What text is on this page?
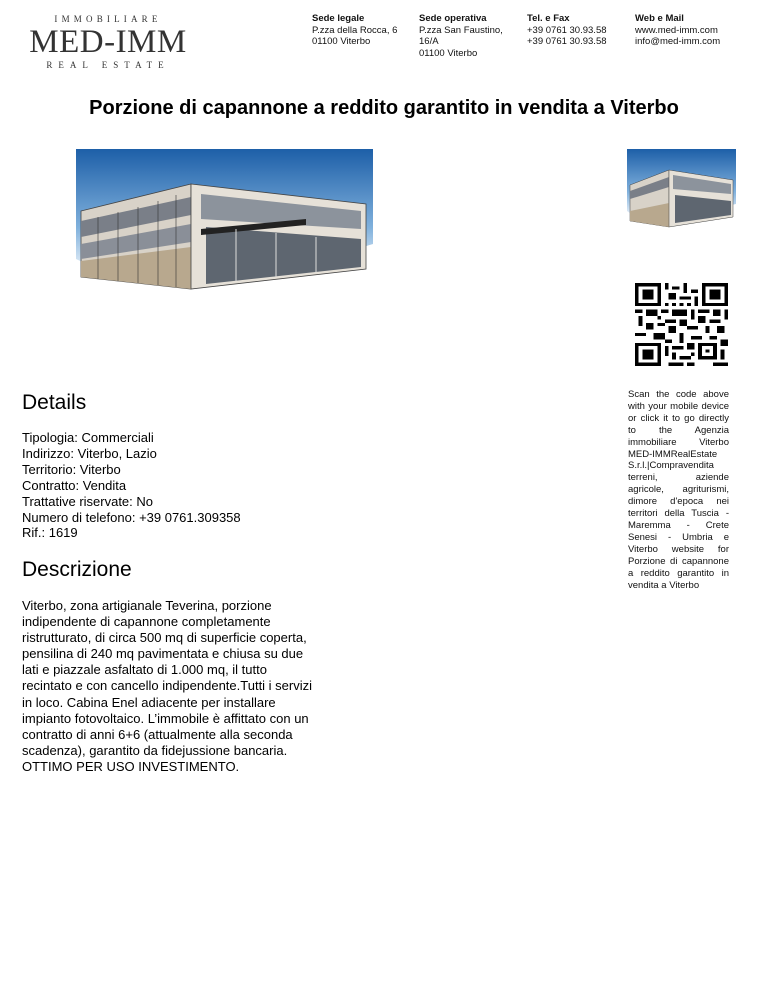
IMMOBILIARE
MED-IMM
REAL ESTATE
Sede legale
P.zza della Rocca, 6
01100 Viterbo
Sede operativa
P.zza San Faustino,
16/A
01100 Viterbo
Tel. e Fax
+39 0761 30.93.58
+39 0761 30.93.58
Web e Mail
www.med-imm.com
info@med-imm.com
Porzione di capannone a reddito garantito in vendita a Viterbo
Scan the code above with your mobile device or click it to go directly to the Agenzia immobiliare Viterbo MED-IMMRealEstate S.r.l.|Compravendita terreni, aziende agricole, agriturismi, dimore d'epoca nei territori della Tuscia - Maremma - Crete Senesi - Umbria e Viterbo website for Porzione di capannone a reddito garantito in vendita a Viterbo
Details
Tipologia: Commerciali
Indirizzo: Viterbo, Lazio
Territorio: Viterbo
Contratto: Vendita
Trattative riservate: No
Numero di telefono: +39 0761.309358
Rif.: 1619
Descrizione
Viterbo, zona artigianale Teverina, porzione indipendente di capannone completamente ristrutturato, di circa 500 mq di superficie coperta, pensilina di 240 mq pavimentata e chiusa su due lati e piazzale asfaltato di 1.000 mq, il tutto recintato e con cancello indipendente.Tutti i servizi in loco. Cabina Enel adiacente per installare impianto fotovoltaico. L’immobile è affittato con un contratto di anni 6+6 (attualmente alla seconda scadenza), garantito da fidejussione bancaria. OTTIMO PER USO INVESTIMENTO.
